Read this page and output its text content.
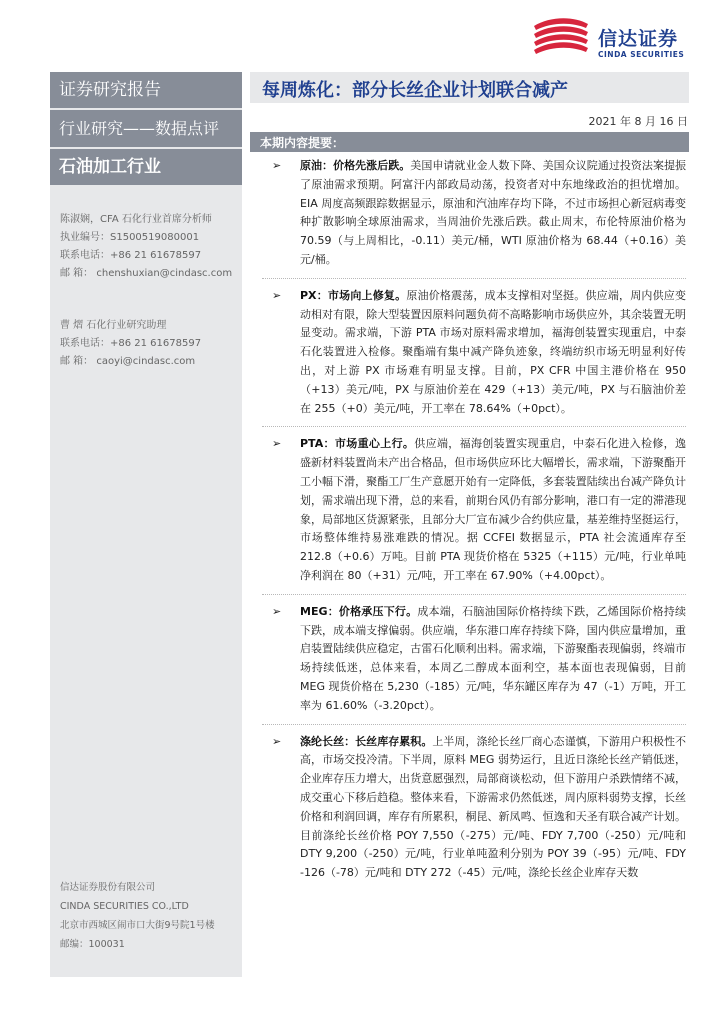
信达证券
CINDA SECURITIES
证券研究报告
行业研究——数据点评
石油加工行业
陈淑娴，CFA 石化行业首席分析师
执业编号：S1500519080001
联系电话：+86 21 61678597
邮 箱： chenshuxian@cindasc.com
曹 熠 石化行业研究助理
联系电话：+86 21 61678597
邮 箱： caoyi@cindasc.com
信达证券股份有限公司
CINDA SECURITIES CO.,LTD
北京市西城区闹市口大街9号院1号楼
邮编：100031
每周炼化：部分长丝企业计划联合减产
2021 年 8 月 16 日
本期内容提要：
➢ 原油：价格先涨后跌。美国申请就业金人数下降、美国众议院通过投资法案提振了原油需求预期。阿富汗内部政局动荡，投资者对中东地缘政治的担忧增加。EIA 周度高频跟踪数据显示，原油和汽油库存均下降，不过市场担心新冠病毒变种扩散影响全球原油需求，当周油价先涨后跌。截止周末，布伦特原油价格为 70.59（与上周相比，-0.11）美元/桶，WTI 原油价格为 68.44（+0.16）美元/桶。
➢ PX：市场向上修复。原油价格震荡，成本支撑相对坚挺。供应端，周内供应变动相对有限，除大型装置因原料问题负荷不高略影响市场供应外，其余装置无明显变动。需求端，下游 PTA 市场对原料需求增加，福海创装置实现重启，中泰石化装置进入检修。聚酯端有集中减产降负迹象，终端纺织市场无明显利好传出，对上游 PX 市场难有明显支撑。目前，PX CFR 中国主港价格在 950（+13）美元/吨，PX 与原油价差在 429（+13）美元/吨，PX 与石脑油价差在 255（+0）美元/吨，开工率在 78.64%（+0pct）。
➢ PTA：市场重心上行。供应端，福海创装置实现重启，中泰石化进入检修，逸盛新材料装置尚未产出合格品，但市场供应环比大幅增长，需求端，下游聚酯开工小幅下滑，聚酯工厂生产意愿开始有一定降低，多套装置陆续出台减产降负计划，需求端出现下滑，总的来看，前期台风仍有部分影响，港口有一定的滞港现象，局部地区货源紧张，且部分大厂宣布减少合约供应量，基差维持坚挺运行，市场整体维持易涨难跌的情况。据 CCFEI 数据显示，PTA 社会流通库存至 212.8（+0.6）万吨。目前 PTA 现货价格在 5325（+115）元/吨，行业单吨净利润在 80（+31）元/吨，开工率在 67.90%（+4.00pct）。
➢ MEG：价格承压下行。成本端，石脑油国际价格持续下跌，乙烯国际价格持续下跌，成本端支撑偏弱。供应端，华东港口库存持续下降，国内供应量增加，重启装置陆续供应稳定，古雷石化顺利出料。需求端，下游聚酯表现偏弱，终端市场持续低迷，总体来看，本周乙二醇成本面利空，基本面也表现偏弱，目前 MEG 现货价格在 5,230（-185）元/吨，华东罐区库存为 47（-1）万吨，开工率为 61.60%（-3.20pct）。
➢ 涤纶长丝：长丝库存累积。上半周，涤纶长丝厂商心态谨慎，下游用户积极性不高，市场交投冷清。下半周，原料 MEG 弱势运行，且近日涤纶长丝产销低迷，企业库存压力增大，出货意愿强烈，局部商谈松动，但下游用户杀跌情绪不减，成交重心下移后趋稳。整体来看，下游需求仍然低迷，周内原料弱势支撑，长丝价格和利润回调，库存有所累积，桐昆、新凤鸣、恒逸和天圣有联合减产计划。目前涤纶长丝价格 POY 7,550（-275）元/吨、FDY 7,700（-250）元/吨和 DTY 9,200（-250）元/吨，行业单吨盈利分别为 POY 39（-95）元/吨、FDY -126（-78）元/吨和 DTY 272（-45）元/吨，涤纶长丝企业库存天数
